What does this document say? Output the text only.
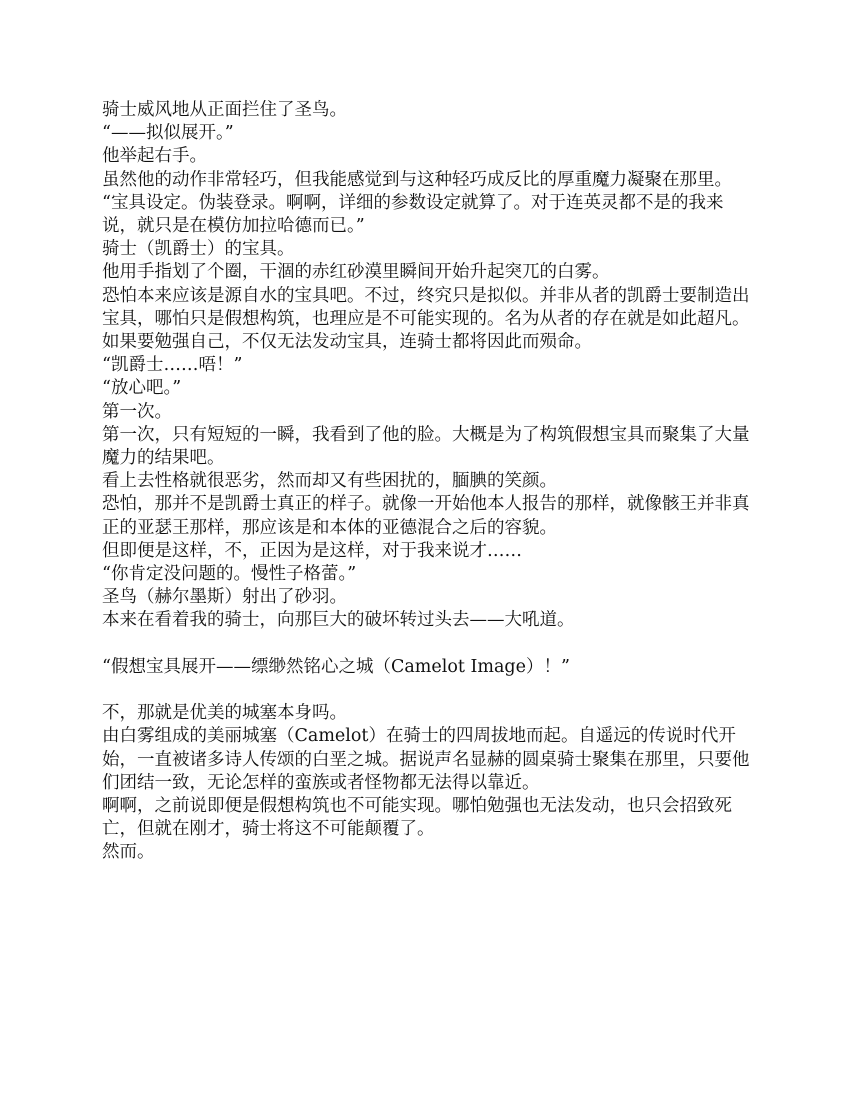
骑士威风地从正面拦住了圣鸟。

“——拟似展开。”

他举起右手。

虽然他的动作非常轻巧，但我能感觉到与这种轻巧成反比的厚重魔力凝聚在那里。

“宝具设定。伪装登录。啊啊，详细的参数设定就算了。对于连英灵都不是的我来说，就只是在模仿加拉哈德而已。”

骑士（凯爵士）的宝具。

他用手指划了个圈，干涸的赤红砂漠里瞬间开始升起突兀的白雾。

恐怕本来应该是源自水的宝具吧。不过，终究只是拟似。并非从者的凯爵士要制造出宝具，哪怕只是假想构筑，也理应是不可能实现的。名为从者的存在就是如此超凡。

如果要勉强自己，不仅无法发动宝具，连骑士都将因此而殒命。

“凯爵士……唔！”

“放心吧。”

第一次。

第一次，只有短短的一瞬，我看到了他的脸。大概是为了构筑假想宝具而聚集了大量魔力的结果吧。

看上去性格就很恶劣，然而却又有些困扰的，腼腆的笑颜。

恐怕，那并不是凯爵士真正的样子。就像一开始他本人报告的那样，就像骸王并非真正的亚瑟王那样，那应该是和本体的亚德混合之后的容貌。

但即便是这样，不，正因为是这样，对于我来说才……

“你肯定没问题的。慢性子格蕾。”

圣鸟（赫尔墨斯）射出了砂羽。

本来在看着我的骑士，向那巨大的破坏转过头去——大吼道。

“假想宝具展开——缥缈然铭心之城（Camelot Image）！”

不，那就是优美的城塞本身吗。

由白雾组成的美丽城塞（Camelot）在骑士的四周拔地而起。自遥远的传说时代开始，一直被诸多诗人传颂的白垩之城。据说声名显赫的圆桌骑士聚集在那里，只要他们团结一致，无论怎样的蛮族或者怪物都无法得以靠近。

啊啊，之前说即便是假想构筑也不可能实现。哪怕勉强也无法发动，也只会招致死亡，但就在刚才，骑士将这不可能颠覆了。

然而。
